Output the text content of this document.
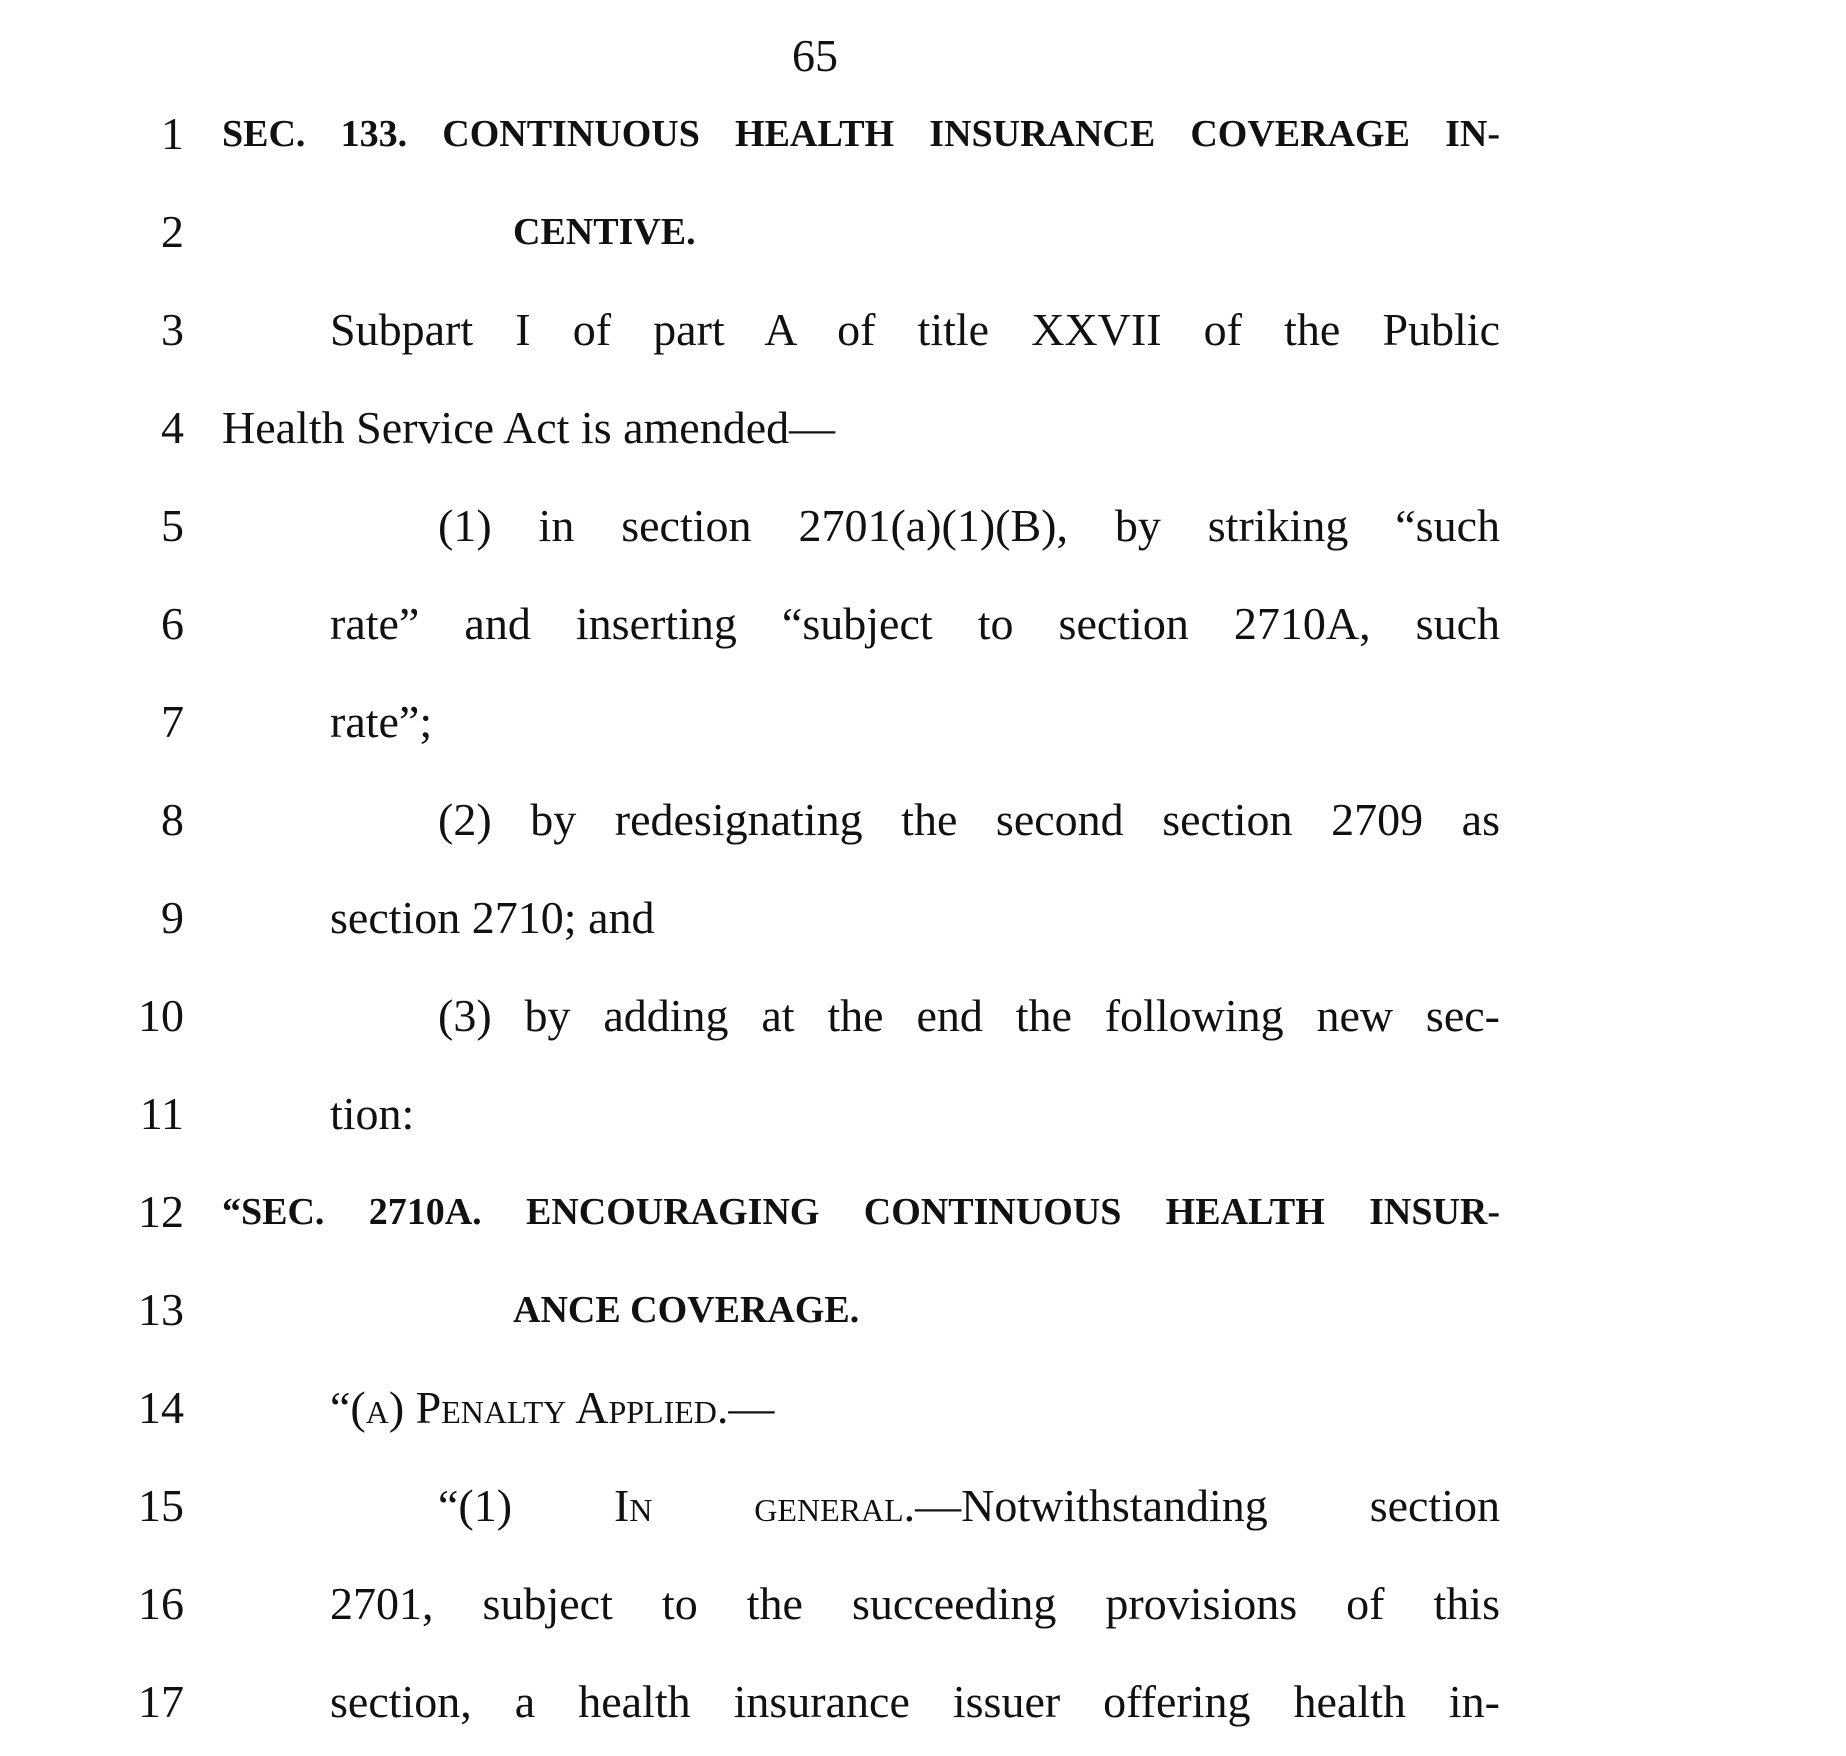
65
1 SEC. 133. CONTINUOUS HEALTH INSURANCE COVERAGE IN-
2	CENTIVE.
3	Subpart I of part A of title XXVII of the Public
4 Health Service Act is amended—
5	(1) in section 2701(a)(1)(B), by striking “such
6	rate” and inserting “subject to section 2710A, such
7	rate”;
8	(2) by redesignating the second section 2709 as
9	section 2710; and
10	(3) by adding at the end the following new sec-
11	tion:
12 “SEC. 2710A. ENCOURAGING CONTINUOUS HEALTH INSUR-
13	ANCE COVERAGE.
14	“(a) Penalty Applied.—
15	“(1) In general.—Notwithstanding section
16	2701, subject to the succeeding provisions of this
17	section, a health insurance issuer offering health in-
